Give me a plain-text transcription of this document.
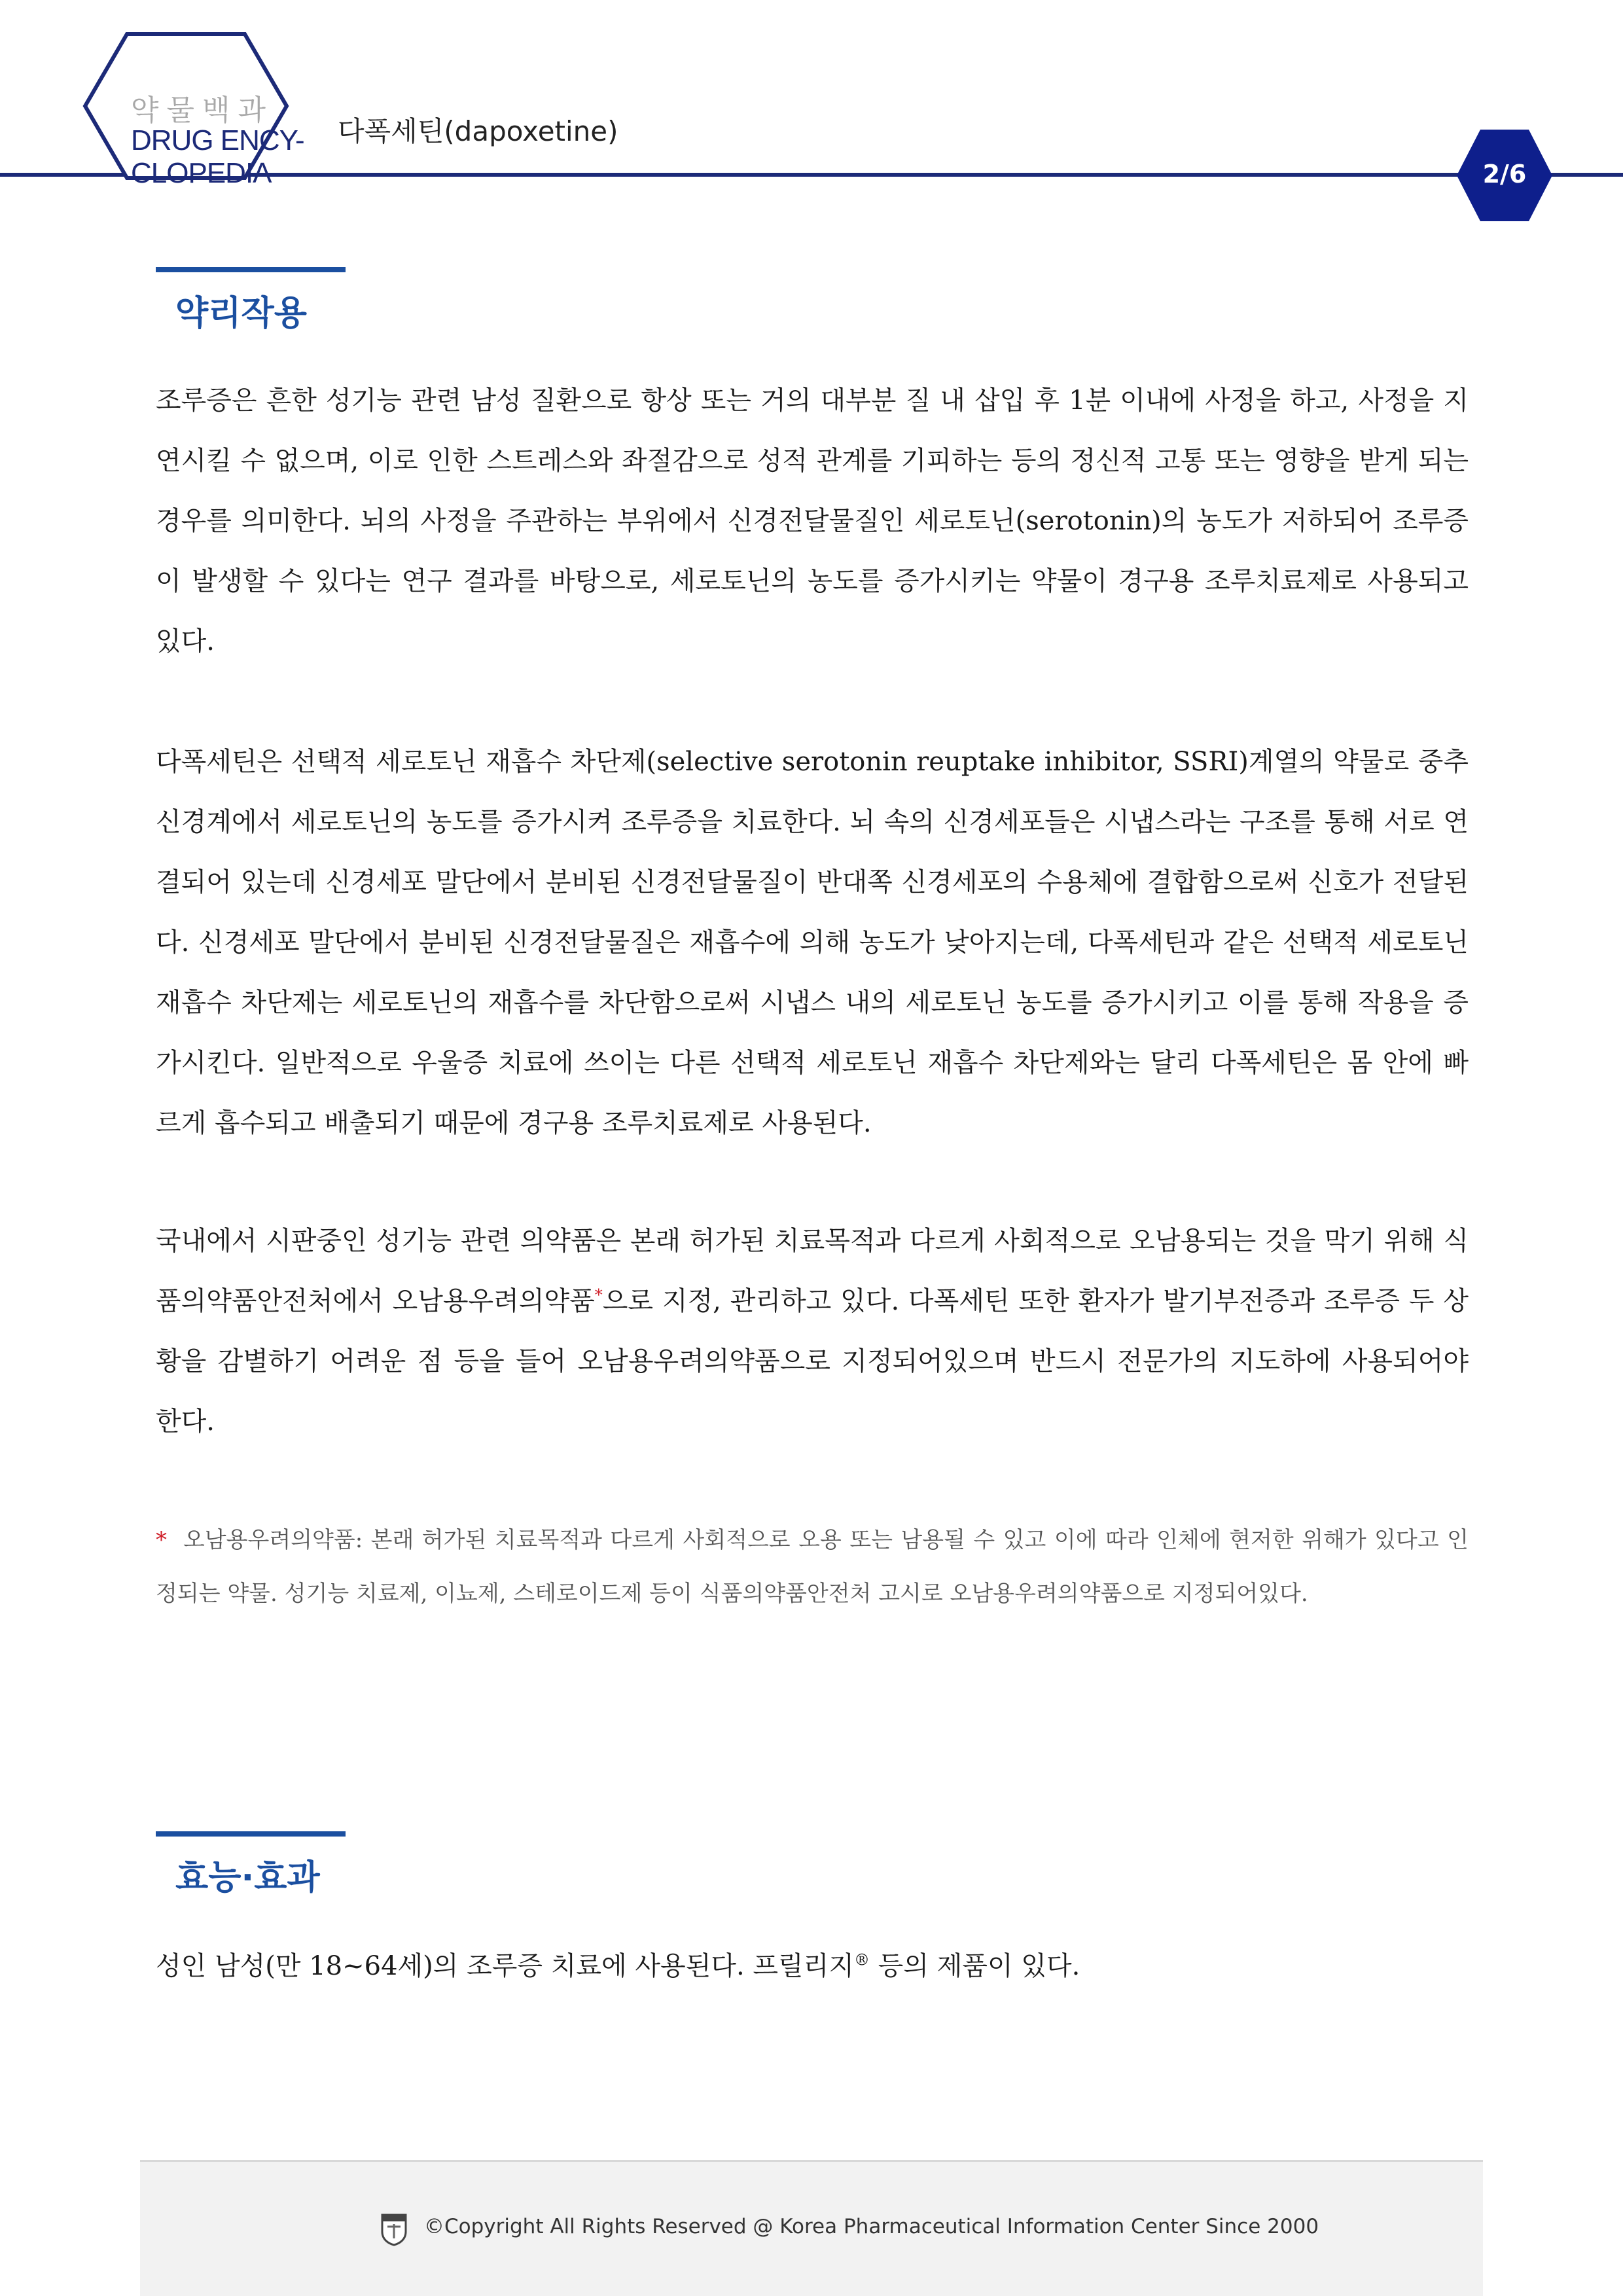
약물백과
DRUG ENCY-
CLOPEDIA
다폭세틴(dapoxetine)
2/6
약리작용

조루증은 흔한 성기능 관련 남성 질환으로 항상 또는 거의 대부분 질 내 삽입 후 1분 이내에 사정을 하고, 사정을 지연시킬 수 없으며, 이로 인한 스트레스와 좌절감으로 성적 관계를 기피하는 등의 정신적 고통 또는 영향을 받게 되는 경우를 의미한다. 뇌의 사정을 주관하는 부위에서 신경전달물질인 세로토닌(serotonin)의 농도가 저하되어 조루증이 발생할 수 있다는 연구 결과를 바탕으로, 세로토닌의 농도를 증가시키는 약물이 경구용 조루치료제로 사용되고 있다.

다폭세틴은 선택적 세로토닌 재흡수 차단제(selective serotonin reuptake inhibitor, SSRI)계열의 약물로 중추신경계에서 세로토닌의 농도를 증가시켜 조루증을 치료한다. 뇌 속의 신경세포들은 시냅스라는 구조를 통해 서로 연결되어 있는데 신경세포 말단에서 분비된 신경전달물질이 반대쪽 신경세포의 수용체에 결합함으로써 신호가 전달된다. 신경세포 말단에서 분비된 신경전달물질은 재흡수에 의해 농도가 낮아지는데, 다폭세틴과 같은 선택적 세로토닌 재흡수 차단제는 세로토닌의 재흡수를 차단함으로써 시냅스 내의 세로토닌 농도를 증가시키고 이를 통해 작용을 증가시킨다. 일반적으로 우울증 치료에 쓰이는 다른 선택적 세로토닌 재흡수 차단제와는 달리 다폭세틴은 몸 안에 빠르게 흡수되고 배출되기 때문에 경구용 조루치료제로 사용된다.

국내에서 시판중인 성기능 관련 의약품은 본래 허가된 치료목적과 다르게 사회적으로 오남용되는 것을 막기 위해 식품의약품안전처에서 오남용우려의약품*으로 지정, 관리하고 있다. 다폭세틴 또한 환자가 발기부전증과 조루증 두 상황을 감별하기 어려운 점 등을 들어 오남용우려의약품으로 지정되어있으며 반드시 전문가의 지도하에 사용되어야 한다.

* 오남용우려의약품: 본래 허가된 치료목적과 다르게 사회적으로 오용 또는 남용될 수 있고 이에 따라 인체에 현저한 위해가 있다고 인정되는 약물. 성기능 치료제, 이뇨제, 스테로이드제 등이 식품의약품안전처 고시로 오남용우려의약품으로 지정되어있다.

효능·효과

성인 남성(만 18~64세)의 조루증 치료에 사용된다. 프릴리지® 등의 제품이 있다.

©Copyright All Rights Reserved @ Korea Pharmaceutical Information Center Since 2000
